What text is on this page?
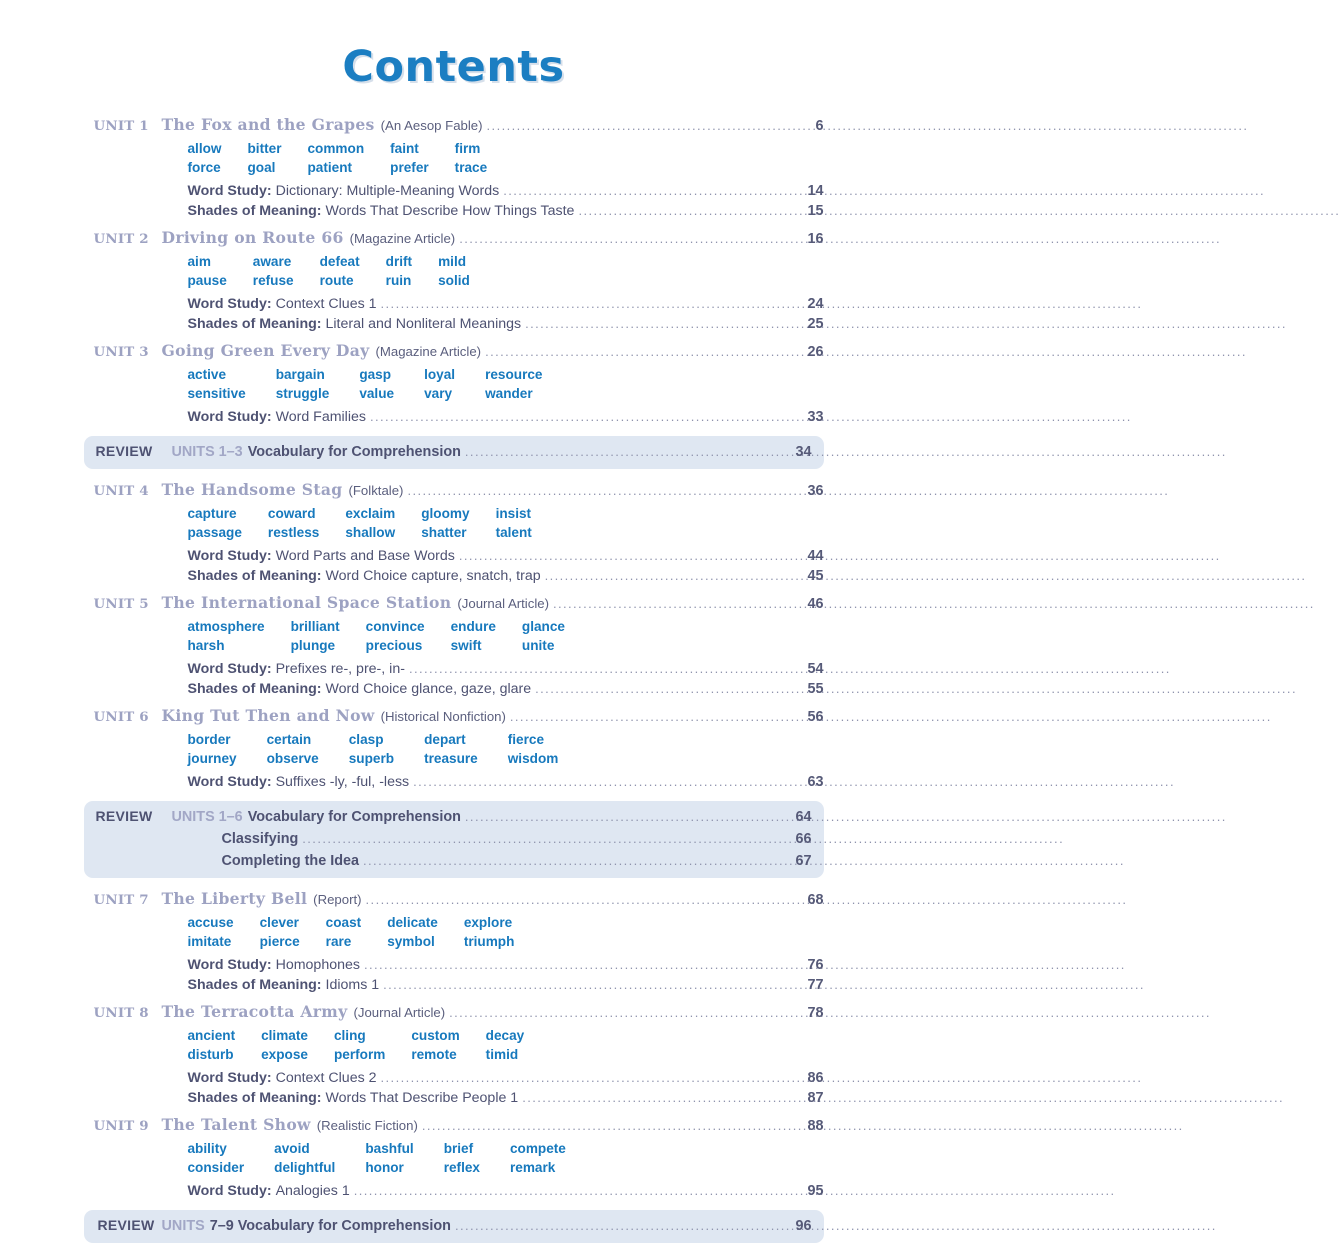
Contents
UNIT 1 The Fox and the Grapes (An Aesop Fable) .....	6
allow bitter common faint	firm
force goal	patient	prefer trace
Word Study: Dictionary: Multiple-Meaning Words .....	14
Shades of Meaning: Words That Describe How Things Taste .....	15
UNIT 2 Driving on Route 66 (Magazine Article) .....	16
aim	aware defeat drift mild
pause refuse route	ruin solid
Word Study: Context Clues 1 .....	24
Shades of Meaning: Literal and Nonliteral Meanings .....	25
UNIT 3 Going Green Every Day (Magazine Article) .....	26
active	bargain	gasp loyal resource
sensitive struggle value vary wander
Word Study: Word Families .....	33
REVIEW	UNITS 1–3 Vocabulary for Comprehension .....	34
UNIT 4 The Handsome Stag (Folktale) .....	36
capture	coward exclaim gloomy insist
passage restless shallow shatter talent
Word Study: Word Parts and Base Words .....	44
Shades of Meaning: Word Choice capture, snatch, trap .....	45
UNIT 5 The International Space Station (Journal Article) .....	46
atmosphere brilliant convince endure glance
harsh	plunge	precious swift	unite
Word Study: Prefixes re-, pre-, in- .....	54
Shades of Meaning: Word Choice glance, gaze, glare .....	55
UNIT 6 King Tut Then and Now (Historical Nonfiction) .....	56
border	certain	clasp	depart	fierce
journey observe superb treasure wisdom
Word Study: Suffixes -ly, -ful, -less .....	63
REVIEW	UNITS 1–6 Vocabulary for Comprehension .....	64
Classifying .....	66
Completing the Idea .....	67
UNIT 7 The Liberty Bell (Report) .....	68
accuse clever coast delicate explore
imitate pierce rare	symbol triumph
Word Study: Homophones .....	76
Shades of Meaning: Idioms 1 .....	77
UNIT 8 The Terracotta Army (Journal Article) .....	78
ancient climate cling	custom decay
disturb expose perform remote timid
Word Study: Context Clues 2 .....	86
Shades of Meaning: Words That Describe People 1 .....	87
UNIT 9 The Talent Show (Realistic Fiction) .....	88
ability	avoid	bashful brief	compete
consider delightful honor	reflex remark
Word Study: Analogies 1 .....	95
REVIEW UNITS 7–9 Vocabulary for Comprehension .....	96
